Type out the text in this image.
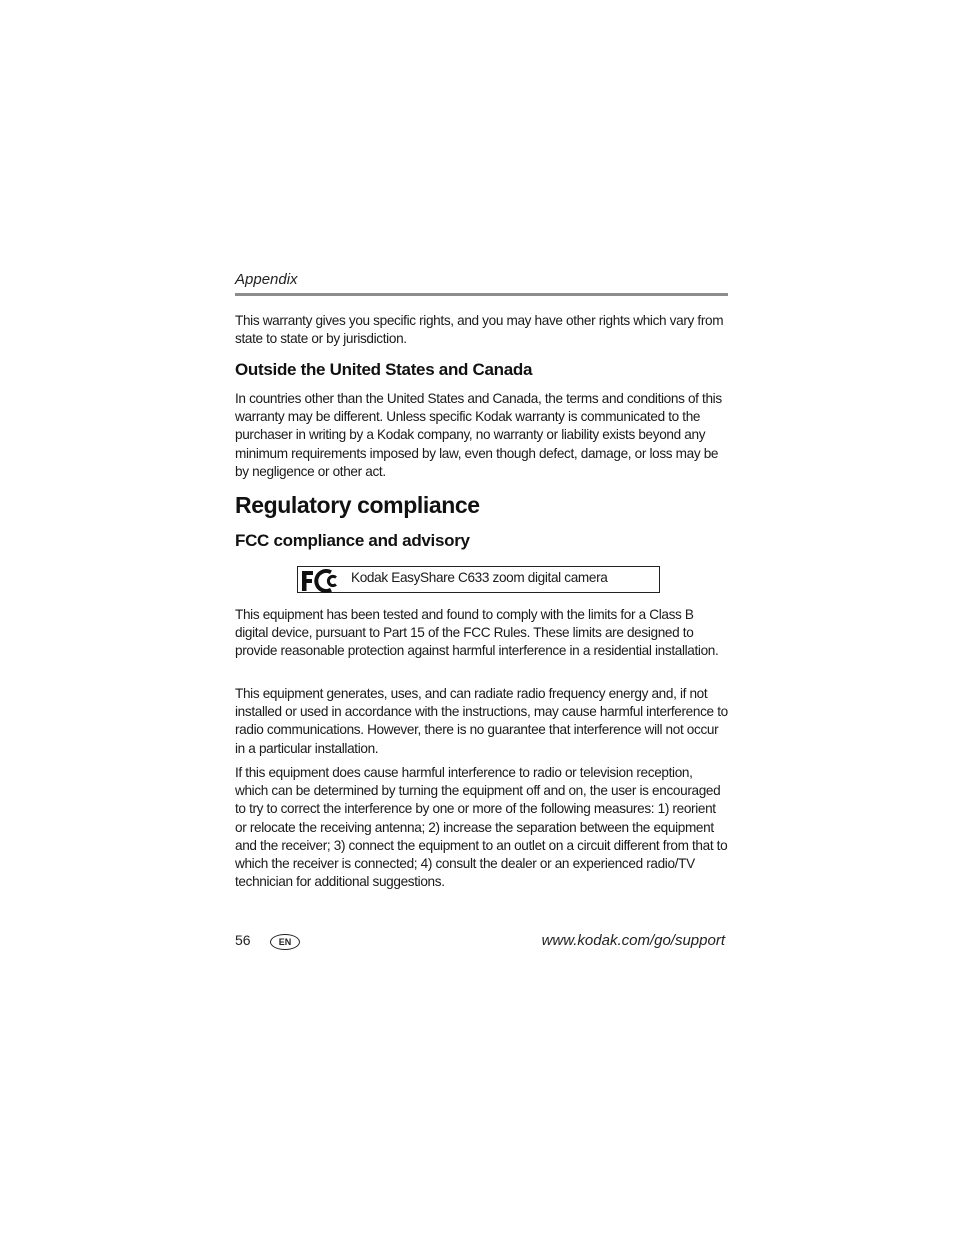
Appendix

This warranty gives you specific rights, and you may have other rights which vary from state to state or by jurisdiction.

Outside the United States and Canada

In countries other than the United States and Canada, the terms and conditions of this warranty may be different. Unless specific Kodak warranty is communicated to the purchaser in writing by a Kodak company, no warranty or liability exists beyond any minimum requirements imposed by law, even though defect, damage, or loss may be by negligence or other act.

Regulatory compliance
FCC compliance and advisory
Kodak EasyShare C633 zoom digital camera

This equipment has been tested and found to comply with the limits for a Class B digital device, pursuant to Part 15 of the FCC Rules. These limits are designed to provide reasonable protection against harmful interference in a residential installation.

This equipment generates, uses, and can radiate radio frequency energy and, if not installed or used in accordance with the instructions, may cause harmful interference to radio communications. However, there is no guarantee that interference will not occur in a particular installation.

If this equipment does cause harmful interference to radio or television reception, which can be determined by turning the equipment off and on, the user is encouraged to try to correct the interference by one or more of the following measures: 1) reorient or relocate the receiving antenna; 2) increase the separation between the equipment and the receiver; 3) connect the equipment to an outlet on a circuit different from that to which the receiver is connected; 4) consult the dealer or an experienced radio/TV technician for additional suggestions.

56	EN	www.kodak.com/go/support
